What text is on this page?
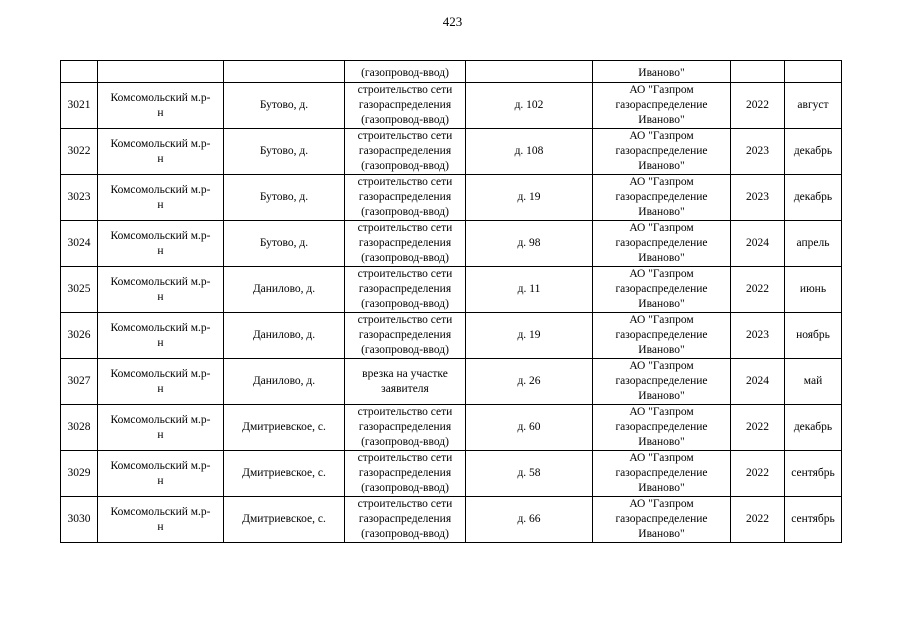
423
			(газопровод-ввод)		Иваново"		
3021	Комсомольский м.р-
н	Бутово, д.	строительство сети
газораспределения
(газопровод-ввод)	д. 102	АО "Газпром
газораспределение
Иваново"	2022	август
3022	Комсомольский м.р-
н	Бутово, д.	строительство сети
газораспределения
(газопровод-ввод)	д. 108	АО "Газпром
газораспределение
Иваново"	2023	декабрь
3023	Комсомольский м.р-
н	Бутово, д.	строительство сети
газораспределения
(газопровод-ввод)	д. 19	АО "Газпром
газораспределение
Иваново"	2023	декабрь
3024	Комсомольский м.р-
н	Бутово, д.	строительство сети
газораспределения
(газопровод-ввод)	д. 98	АО "Газпром
газораспределение
Иваново"	2024	апрель
3025	Комсомольский м.р-
н	Данилово, д.	строительство сети
газораспределения
(газопровод-ввод)	д. 11	АО "Газпром
газораспределение
Иваново"	2022	июнь
3026	Комсомольский м.р-
н	Данилово, д.	строительство сети
газораспределения
(газопровод-ввод)	д. 19	АО "Газпром
газораспределение
Иваново"	2023	ноябрь
3027	Комсомольский м.р-
н	Данилово, д.	врезка на участке
заявителя	д. 26	АО "Газпром
газораспределение
Иваново"	2024	май
3028	Комсомольский м.р-
н	Дмитриевское, с.	строительство сети
газораспределения
(газопровод-ввод)	д. 60	АО "Газпром
газораспределение
Иваново"	2022	декабрь
3029	Комсомольский м.р-
н	Дмитриевское, с.	строительство сети
газораспределения
(газопровод-ввод)	д. 58	АО "Газпром
газораспределение
Иваново"	2022	сентябрь
3030	Комсомольский м.р-
н	Дмитриевское, с.	строительство сети
газораспределения
(газопровод-ввод)	д. 66	АО "Газпром
газораспределение
Иваново"	2022	сентябрь
